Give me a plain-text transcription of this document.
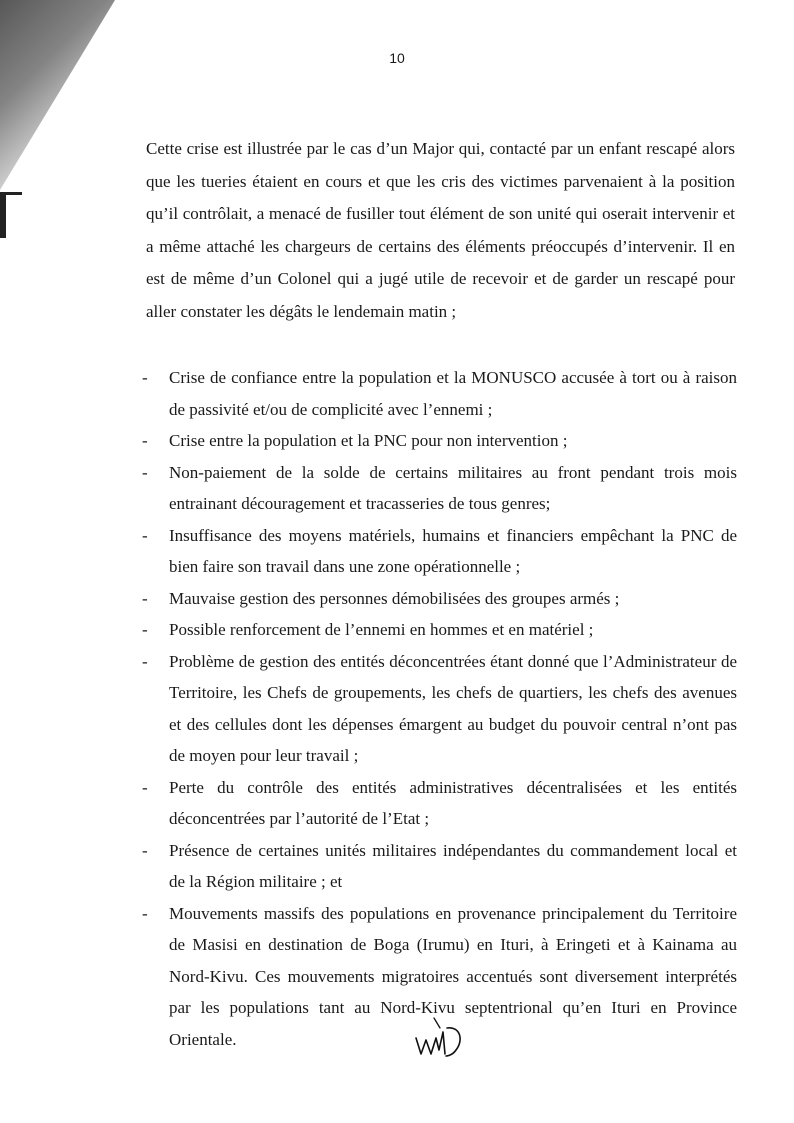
10

Cette crise est illustrée par le cas d’un Major qui, contacté par un enfant rescapé alors que les tueries étaient en cours et que les cris des victimes parvenaient à la position qu’il contrôlait, a menacé de fusiller tout élément de son unité qui oserait intervenir et a même attaché les chargeurs de certains des éléments préoccupés d’intervenir. Il en est de même d’un Colonel qui a jugé utile de recevoir et de garder un rescapé pour aller constater les dégâts le lendemain matin ;

- Crise de confiance entre la population et la MONUSCO accusée à tort ou à raison de passivité et/ou de complicité avec l’ennemi ;
- Crise entre la population et la PNC pour non intervention ;
- Non-paiement de la solde de certains militaires au front pendant trois mois entrainant découragement et tracasseries de tous genres;
- Insuffisance des moyens matériels, humains et financiers empêchant la PNC de bien faire son travail dans une zone opérationnelle ;
- Mauvaise gestion des personnes démobilisées des groupes armés ;
- Possible renforcement de l’ennemi en hommes et en matériel ;
- Problème de gestion des entités déconcentrées étant donné que l’Administrateur de Territoire, les Chefs de groupements, les chefs de quartiers, les chefs des avenues et des cellules dont les dépenses émargent au budget du pouvoir central n’ont pas de moyen pour leur travail ;
- Perte du contrôle des entités administratives décentralisées et les entités déconcentrées par l’autorité de l’Etat ;
- Présence de certaines unités militaires indépendantes du commandement local et de la Région militaire ; et
- Mouvements massifs des populations en provenance principalement du Territoire de Masisi en destination de Boga (Irumu) en Ituri, à Eringeti et à Kainama au Nord-Kivu. Ces mouvements migratoires accentués sont diversement interprétés par les populations tant au Nord-Kivu septentrional qu’en Ituri en Province Orientale.
